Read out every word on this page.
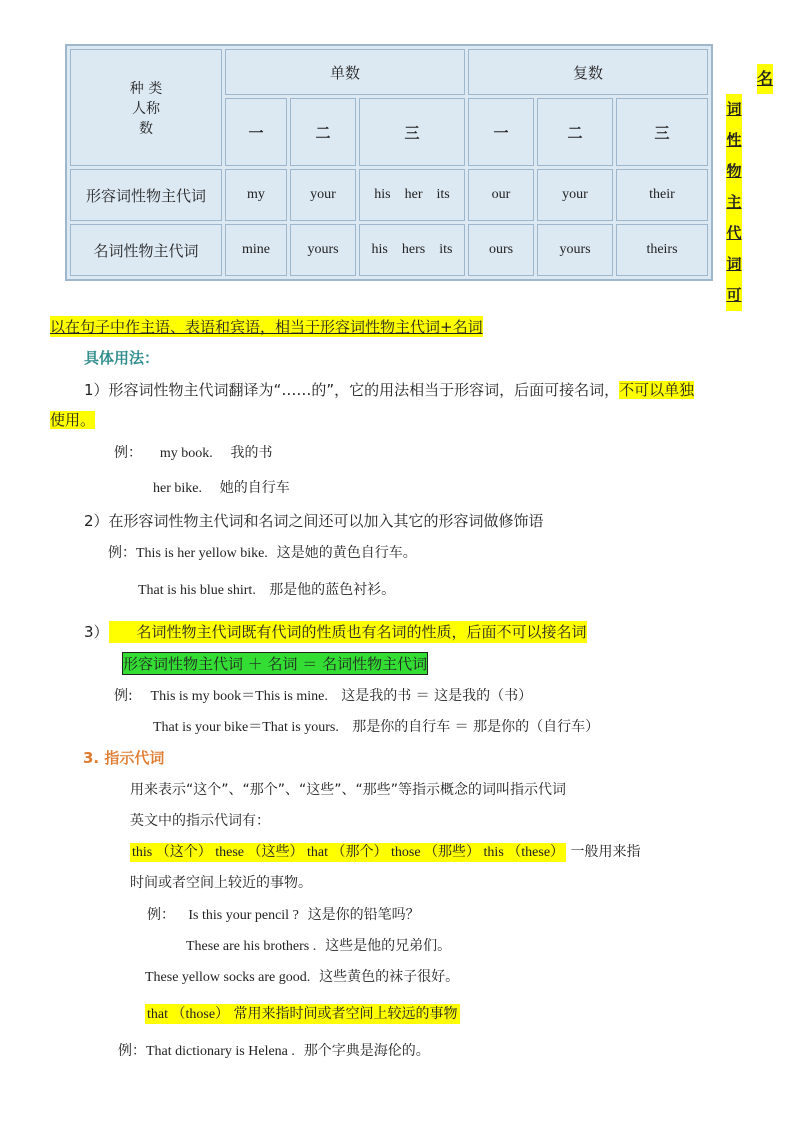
种 类
人称
数	单数			复数		
	一	二	三	一	二	三
形容词性物主代词	my	your	his    her    its	our	your	their
名词性物主代词	mine	yours	his    hers    its	ours	yours	theirs
名
词
性
物
主
代
词
可
以在句子中作主语、表语和宾语，相当于形容词性物主代词+名词
具体用法：
1）形容词性物主代词翻译为“……的”，它的用法相当于形容词，后面可接名词，不可以单独
使用。
例： my book. 我的书
her bike. 她的自行车
2）在形容词性物主代词和名词之间还可以加入其它的形容词做修饰语
例：This is her yellow bike. 这是她的黄色自行车。
That is his blue shirt. 那是他的蓝色衬衫。
3） 名词性物主代词既有代词的性质也有名词的性质，后面不可以接名词
形容词性物主代词 ＋ 名词 ＝ 名词性物主代词
例: This is my book＝This is mine. 这是我的书 ＝ 这是我的（书）
That is your bike＝That is yours. 那是你的自行车 ＝ 那是你的（自行车）
3. 指示代词
用来表示“这个”、“那个”、“这些”、“那些”等指示概念的词叫指示代词
英文中的指示代词有：
this （这个） these （这些） that （那个） those （那些） this （these） 一般用来指
时间或者空间上较近的事物。
例： Is this your pencil ? 这是你的铅笔吗？
These are his brothers . 这些是他的兄弟们。
These yellow socks are good. 这些黄色的袜子很好。
that （those） 常用来指时间或者空间上较远的事物
例：That dictionary is Helena . 那个字典是海伦的。
